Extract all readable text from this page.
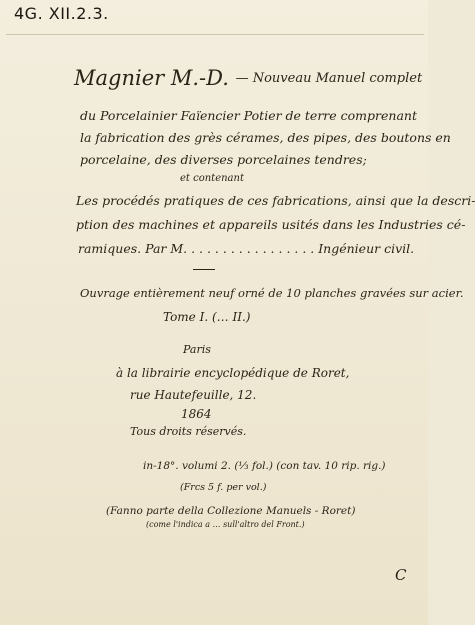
4G. XII.2.3.
Magnier M.-D. — Nouveau Manuel complet
du Porcelainier Faïencier Potier de terre comprenant
la fabrication des grès cérames, des pipes, des boutons en
porcelaine, des diverses porcelaines tendres;
et contenant
Les procédés pratiques de ces fabrications, ainsi que la descri-
ption des machines et appareils usités dans les Industries cé-
ramiques. Par M. . . . . . . . . . . . . . . . . Ingénieur civil.
Ouvrage entièrement neuf orné de 10 planches gravées sur acier.
Tome I. (… II.)
Paris
à la librairie encyclopédique de Roret,
rue Hautefeuille, 12.
1864
Tous droits réservés.
in-18°. volumi 2. (⅓ fol.) (con tav. 10 rip. rig.)
(Frcs 5 f. per vol.)
(Fanno parte della Collezione Manuels - Roret)
(come l'indica a … sull'altro del Front.)
C
